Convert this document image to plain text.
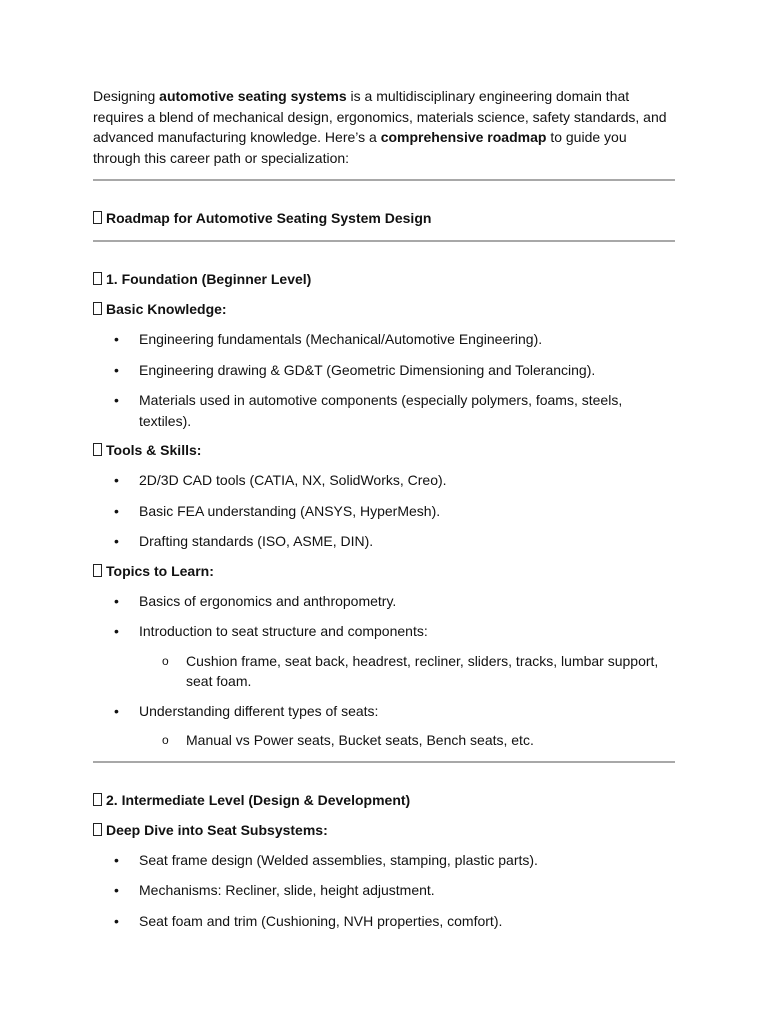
Designing automotive seating systems is a multidisciplinary engineering domain that requires a blend of mechanical design, ergonomics, materials science, safety standards, and advanced manufacturing knowledge. Here’s a comprehensive roadmap to guide you through this career path or specialization:

Roadmap for Automotive Seating System Design

1. Foundation (Beginner Level)

Basic Knowledge:

• Engineering fundamentals (Mechanical/Automotive Engineering).
• Engineering drawing & GD&T (Geometric Dimensioning and Tolerancing).
• Materials used in automotive components (especially polymers, foams, steels, textiles).

Tools & Skills:

• 2D/3D CAD tools (CATIA, NX, SolidWorks, Creo).
• Basic FEA understanding (ANSYS, HyperMesh).
• Drafting standards (ISO, ASME, DIN).

Topics to Learn:

• Basics of ergonomics and anthropometry.
• Introduction to seat structure and components:
o Cushion frame, seat back, headrest, recliner, sliders, tracks, lumbar support, seat foam.
• Understanding different types of seats:
o Manual vs Power seats, Bucket seats, Bench seats, etc.

2. Intermediate Level (Design & Development)

Deep Dive into Seat Subsystems:

• Seat frame design (Welded assemblies, stamping, plastic parts).
• Mechanisms: Recliner, slide, height adjustment.
• Seat foam and trim (Cushioning, NVH properties, comfort).
